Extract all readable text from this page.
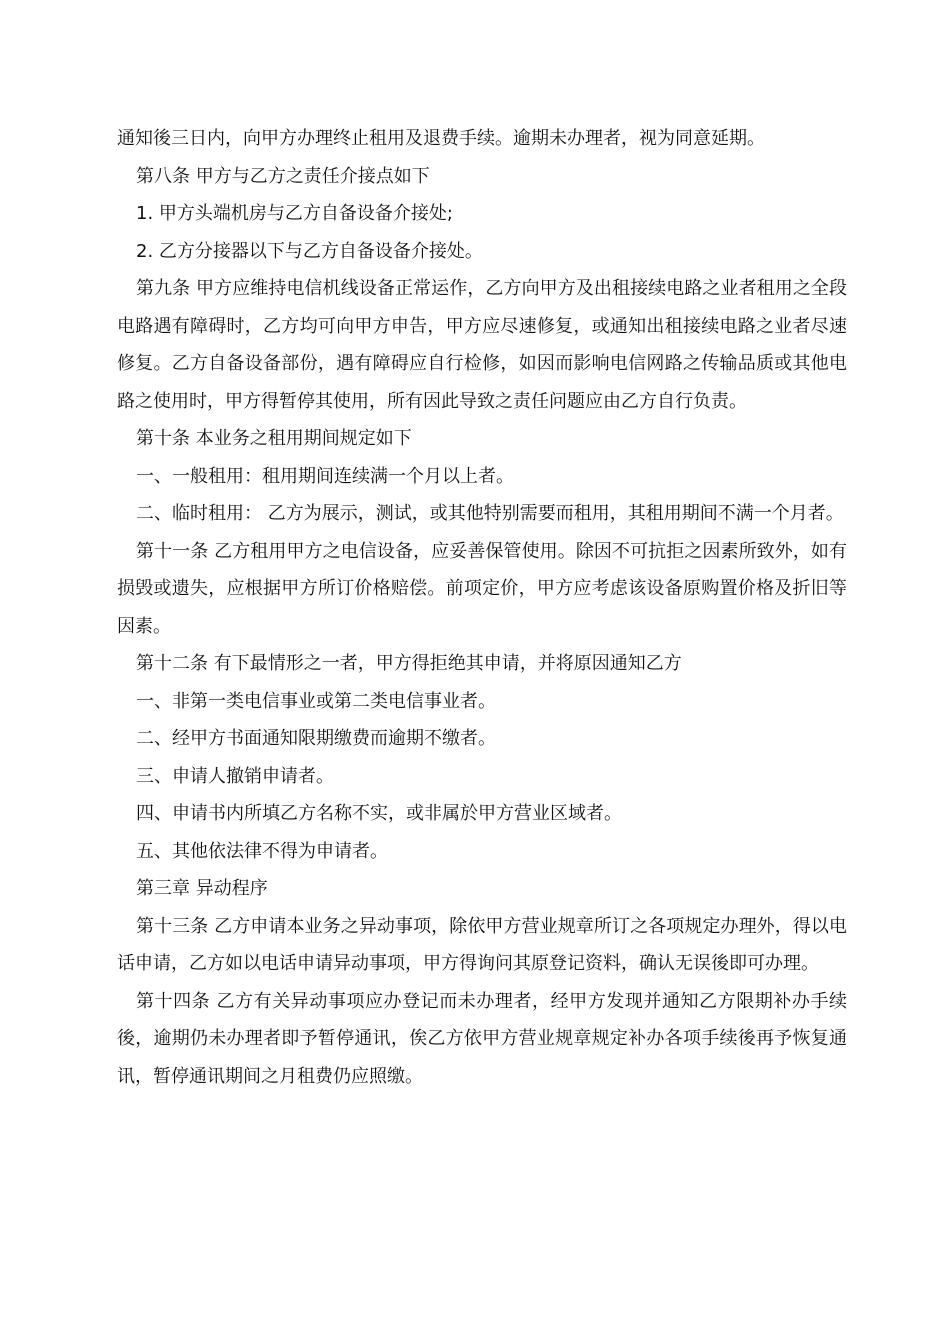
通知後三日内，向甲方办理终止租用及退费手续。逾期未办理者，视为同意延期。

第八条 甲方与乙方之责任介接点如下

1. 甲方头端机房与乙方自备设备介接处;

2. 乙方分接器以下与乙方自备设备介接处。

第九条 甲方应维持电信机线设备正常运作，乙方向甲方及出租接续电路之业者租用之全段电路遇有障碍时，乙方均可向甲方申告，甲方应尽速修复，或通知出租接续电路之业者尽速修复。乙方自备设备部份，遇有障碍应自行检修，如因而影响电信网路之传输品质或其他电路之使用时，甲方得暂停其使用，所有因此导致之责任问题应由乙方自行负责。

第十条 本业务之租用期间规定如下

一、一般租用：租用期间连续满一个月以上者。

二、临时租用： 乙方为展示，测试，或其他特别需要而租用，其租用期间不满一个月者。

第十一条 乙方租用甲方之电信设备，应妥善保管使用。除因不可抗拒之因素所致外，如有损毁或遗失，应根据甲方所订价格赔偿。前项定价，甲方应考虑该设备原购置价格及折旧等因素。

第十二条 有下最情形之一者，甲方得拒绝其申请，并将原因通知乙方

一、非第一类电信事业或第二类电信事业者。

二、经甲方书面通知限期缴费而逾期不缴者。

三、申请人撤销申请者。

四、申请书内所填乙方名称不实，或非属於甲方营业区域者。

五、其他依法律不得为申请者。

第三章 异动程序

第十三条 乙方申请本业务之异动事项，除依甲方营业规章所订之各项规定办理外，得以电话申请，乙方如以电话申请异动事项，甲方得询问其原登记资料，确认无误後即可办理。

第十四条 乙方有关异动事项应办登记而未办理者，经甲方发现并通知乙方限期补办手续後，逾期仍未办理者即予暂停通讯，俟乙方依甲方营业规章规定补办各项手续後再予恢复通讯，暂停通讯期间之月租费仍应照缴。
